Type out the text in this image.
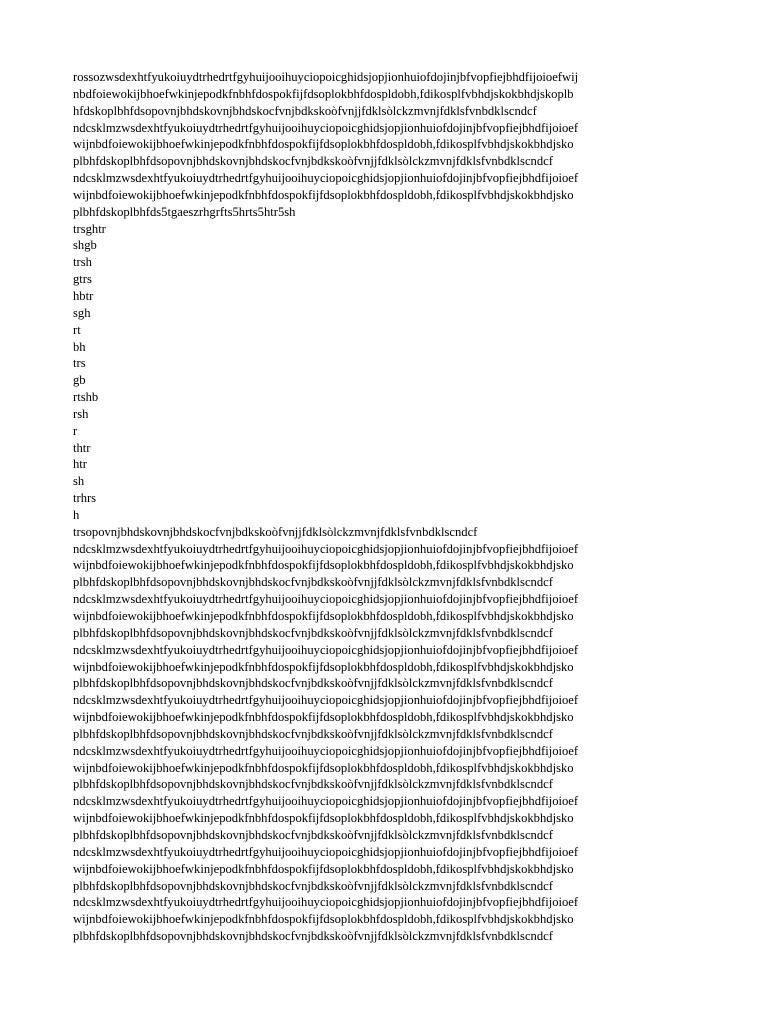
rossozwsdexhtfyukoiuydtrhedrtfgyhuijooihuyciopoicghidsjopjionhuiofdojinjbfvopfiejbhdfijoioefwij
nbdfoiewokijbhoefwkinjepodkfnbhfdospokfijfdsoplokbhfdospldobh,fdikosplfvbhdjskokbhdjskoplb
hfdskoplbhfdsopovnjbhdskovnjbhdskocfvnjbdkskoòfvnjjfdklsòlckzmvnjfdklsfvnbdklscndcf
ndcsklmzwsdexhtfyukoiuydtrhedrtfgyhuijooihuyciopoicghidsjopjionhuiofdojinjbfvopfiejbhdfijoioef
wijnbdfoiewokijbhoefwkinjepodkfnbhfdospokfijfdsoplokbhfdospldobh,fdikosplfvbhdjskokbhdjsko
plbhfdskoplbhfdsopovnjbhdskovnjbhdskocfvnjbdkskoòfvnjjfdklsòlckzmvnjfdklsfvnbdklscndcf
ndcsklmzwsdexhtfyukoiuydtrhedrtfgyhuijooihuyciopoicghidsjopjionhuiofdojinjbfvopfiejbhdfijoioef
wijnbdfoiewokijbhoefwkinjepodkfnbhfdospokfijfdsoplokbhfdospldobh,fdikosplfvbhdjskokbhdjsko
plbhfdskoplbhfds5tgaeszrhgrfts5hrts5htr5sh
trsghtr
shgb
trsh
gtrs
hbtr
sgh
rt
bh
trs
gb
rtshb
rsh
r
thtr
htr
sh
trhrs
h
trsopovnjbhdskovnjbhdskocfvnjbdkskoòfvnjjfdklsòlckzmvnjfdklsfvnbdklscndcf
ndcsklmzwsdexhtfyukoiuydtrhedrtfgyhuijooihuyciopoicghidsjopjionhuiofdojinjbfvopfiejbhdfijoioef
wijnbdfoiewokijbhoefwkinjepodkfnbhfdospokfijfdsoplokbhfdospldobh,fdikosplfvbhdjskokbhdjsko
plbhfdskoplbhfdsopovnjbhdskovnjbhdskocfvnjbdkskoòfvnjjfdklsòlckzmvnjfdklsfvnbdklscndcf
ndcsklmzwsdexhtfyukoiuydtrhedrtfgyhuijooihuyciopoicghidsjopjionhuiofdojinjbfvopfiejbhdfijoioef
wijnbdfoiewokijbhoefwkinjepodkfnbhfdospokfijfdsoplokbhfdospldobh,fdikosplfvbhdjskokbhdjsko
plbhfdskoplbhfdsopovnjbhdskovnjbhdskocfvnjbdkskoòfvnjjfdklsòlckzmvnjfdklsfvnbdklscndcf
ndcsklmzwsdexhtfyukoiuydtrhedrtfgyhuijooihuyciopoicghidsjopjionhuiofdojinjbfvopfiejbhdfijoioef
wijnbdfoiewokijbhoefwkinjepodkfnbhfdospokfijfdsoplokbhfdospldobh,fdikosplfvbhdjskokbhdjsko
plbhfdskoplbhfdsopovnjbhdskovnjbhdskocfvnjbdkskoòfvnjjfdklsòlckzmvnjfdklsfvnbdklscndcf
ndcsklmzwsdexhtfyukoiuydtrhedrtfgyhuijooihuyciopoicghidsjopjionhuiofdojinjbfvopfiejbhdfijoioef
wijnbdfoiewokijbhoefwkinjepodkfnbhfdospokfijfdsoplokbhfdospldobh,fdikosplfvbhdjskokbhdjsko
plbhfdskoplbhfdsopovnjbhdskovnjbhdskocfvnjbdkskoòfvnjjfdklsòlckzmvnjfdklsfvnbdklscndcf
ndcsklmzwsdexhtfyukoiuydtrhedrtfgyhuijooihuyciopoicghidsjopjionhuiofdojinjbfvopfiejbhdfijoioef
wijnbdfoiewokijbhoefwkinjepodkfnbhfdospokfijfdsoplokbhfdospldobh,fdikosplfvbhdjskokbhdjsko
plbhfdskoplbhfdsopovnjbhdskovnjbhdskocfvnjbdkskoòfvnjjfdklsòlckzmvnjfdklsfvnbdklscndcf
ndcsklmzwsdexhtfyukoiuydtrhedrtfgyhuijooihuyciopoicghidsjopjionhuiofdojinjbfvopfiejbhdfijoioef
wijnbdfoiewokijbhoefwkinjepodkfnbhfdospokfijfdsoplokbhfdospldobh,fdikosplfvbhdjskokbhdjsko
plbhfdskoplbhfdsopovnjbhdskovnjbhdskocfvnjbdkskoòfvnjjfdklsòlckzmvnjfdklsfvnbdklscndcf
ndcsklmzwsdexhtfyukoiuydtrhedrtfgyhuijooihuyciopoicghidsjopjionhuiofdojinjbfvopfiejbhdfijoioef
wijnbdfoiewokijbhoefwkinjepodkfnbhfdospokfijfdsoplokbhfdospldobh,fdikosplfvbhdjskokbhdjsko
plbhfdskoplbhfdsopovnjbhdskovnjbhdskocfvnjbdkskoòfvnjjfdklsòlckzmvnjfdklsfvnbdklscndcf
ndcsklmzwsdexhtfyukoiuydtrhedrtfgyhuijooihuyciopoicghidsjopjionhuiofdojinjbfvopfiejbhdfijoioef
wijnbdfoiewokijbhoefwkinjepodkfnbhfdospokfijfdsoplokbhfdospldobh,fdikosplfvbhdjskokbhdjsko
plbhfdskoplbhfdsopovnjbhdskovnjbhdskocfvnjbdkskoòfvnjjfdklsòlckzmvnjfdklsfvnbdklscndcf
